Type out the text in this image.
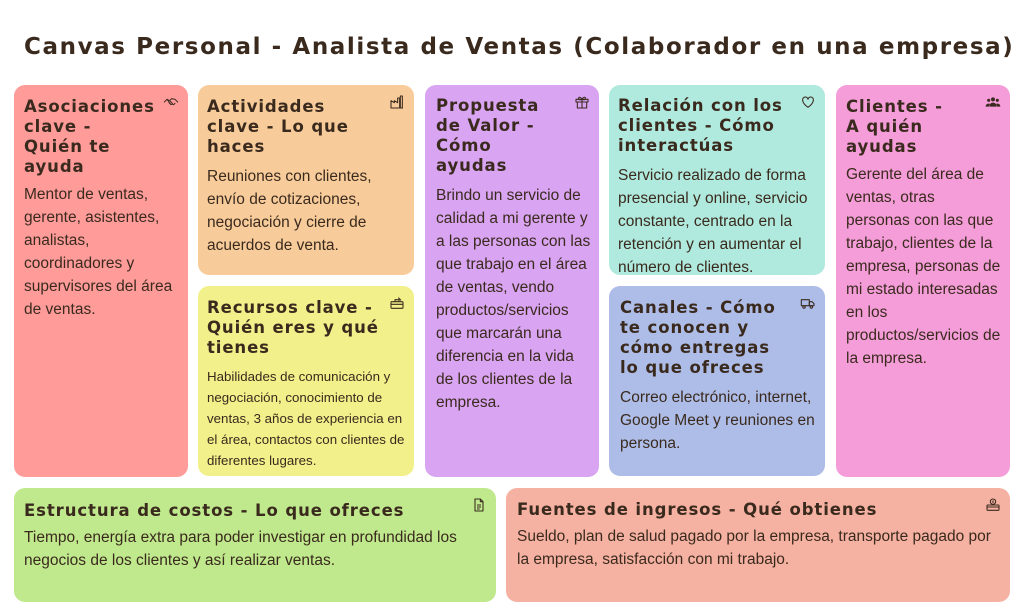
Canvas Personal - Analista de Ventas (Colaborador en una empresa)
Asociaciones clave - Quién te ayuda

Mentor de ventas, gerente, asistentes, analistas, coordinadores y supervisores del área de ventas.

Actividades clave - Lo que haces

Reuniones con clientes, envío de cotizaciones, negociación y cierre de acuerdos de venta.

Recursos clave - Quién eres y qué tienes

Habilidades de comunicación y negociación, conocimiento de ventas, 3 años de experiencia en el área, contactos con clientes de diferentes lugares.

Propuesta de Valor - Cómo ayudas

Brindo un servicio de calidad a mi gerente y a las personas con las que trabajo en el área de ventas, vendo productos/servicios que marcarán una diferencia en la vida de los clientes de la empresa.

Relación con los clientes - Cómo interactúas

Servicio realizado de forma presencial y online, servicio constante, centrado en la retención y en aumentar el número de clientes.

Canales - Cómo te conocen y cómo entregas lo que ofreces

Correo electrónico, internet, Google Meet y reuniones en persona.

Clientes - A quién ayudas

Gerente del área de ventas, otras personas con las que trabajo, clientes de la empresa, personas de mi estado interesadas en los productos/servicios de la empresa.

Estructura de costos - Lo que ofreces

Tiempo, energía extra para poder investigar en profundidad los negocios de los clientes y así realizar ventas.

Fuentes de ingresos - Qué obtienes

Sueldo, plan de salud pagado por la empresa, transporte pagado por la empresa, satisfacción con mi trabajo.
